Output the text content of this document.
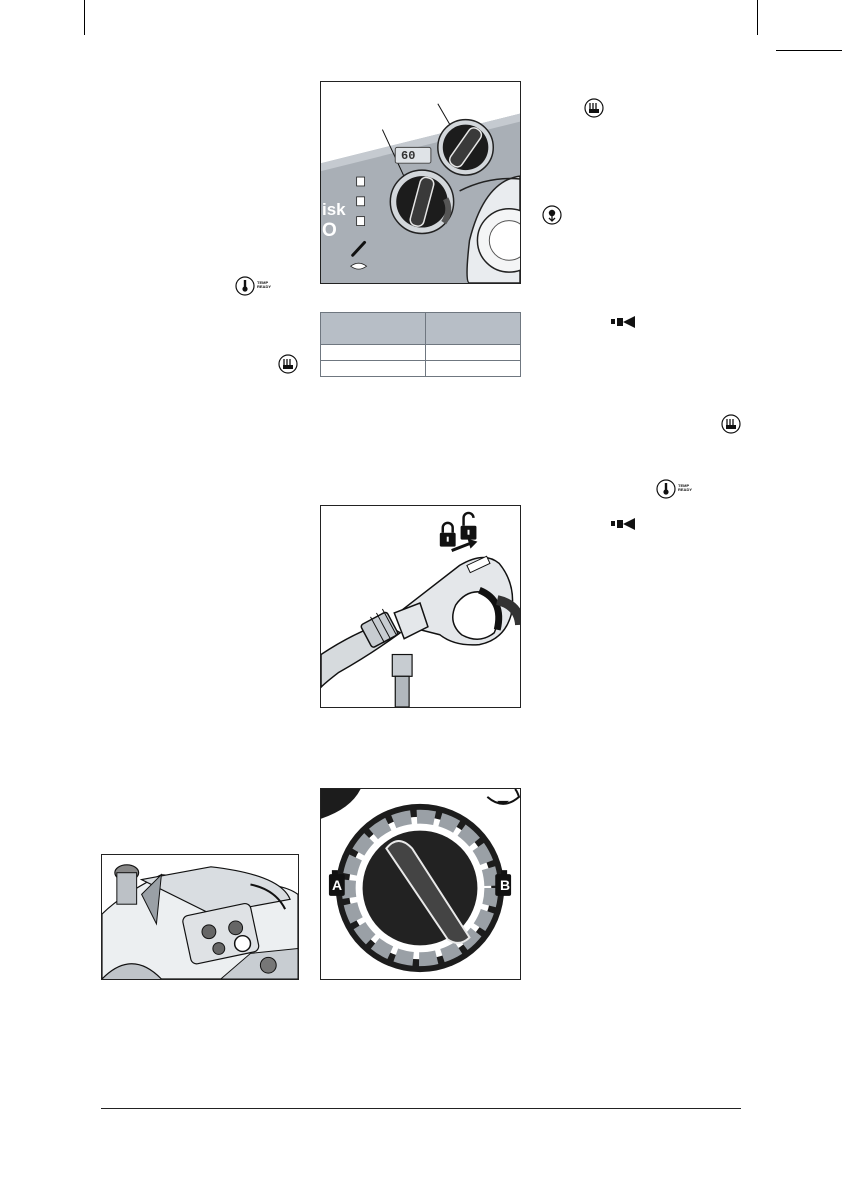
60
isk
O

A	B
TEMP
READY
TEMP
READY
